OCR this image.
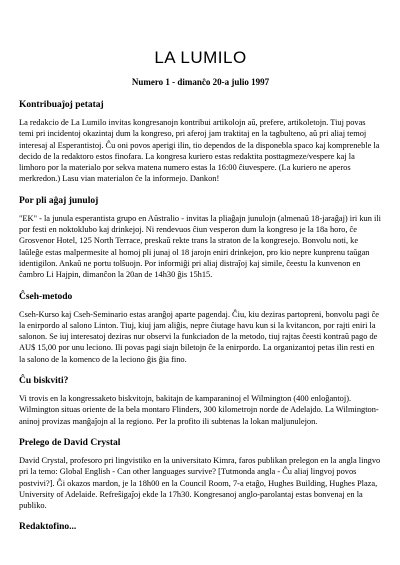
LA LUMILO
Numero 1 - dimanĉo 20-a julio 1997
Kontribuaĵoj petataj

La redakcio de La Lumilo invitas kongresanojn kontribui artikolojn aŭ, prefere, artikoletojn. Tiuj povas temi pri incidentoj okazintaj dum la kongreso, pri aferoj jam traktitaj en la tagbulteno, aŭ pri aliaj temoj interesaj al Esperantistoj. Ĉu oni povos aperigi ilin, tio dependos de la disponebla spaco kaj kompreneble la decido de la redaktoro estos finofara. La kongresa kuriero estas redaktita posttagmeze/vespere kaj la limhoro por la materialo por sekva matena numero estas la 16:00 ĉiuvespere. (La kuriero ne aperos merkredon.) Lasu vian materialon ĉe la informejo. Dankon!

Por pli aĝaj junuloj

"EK" - la junula esperantista grupo en Aŭstralio - invitas la pliaĝajn junulojn (almenaŭ 18-jaraĝaj) iri kun ili por festi en noktoklubo kaj drinkejoj. Ni rendevuos ĉiun vesperon dum la kongreso je la 18a horo, ĉe Grosvenor Hotel, 125 North Terrace, preskaŭ rekte trans la straton de la kongresejo. Bonvolu noti, ke laŭleĝe estas malpermesite al homoj pli junaj ol 18 jarojn eniri drinkejon, pro kio nepre kunprenu taŭgan identigilon. Ankaŭ ne portu tolŝuojn. Por informiĝi pri aliaj distraĵoj kaj simile, ĉeestu la kunvenon en ĉambro Li Hajpin, dimanĉon la 20an de 14h30 ĝis 15h15.

Ĉseh-metodo

Cseh-Kurso kaj Cseh-Seminario estas aranĝoj aparte pagendaj. Ĉiu, kiu deziras partopreni, bonvolu pagi ĉe la enirpordo al salono Linton. Tiuj, kiuj jam aliĝis, nepre ĉiutage havu kun si la kvitancon, por rajti eniri la salonon. Se iuj interesatoj deziras nur observi la funkciadon de la metodo, tiuj rajtas ĉeesti kontraŭ pago de AU$ 15,00 por unu leciono. Ili povas pagi siajn biletojn ĉe la enirpordo. La organizantoj petas ilin resti en la salono de la komenco de la leciono ĝis ĝia fino.

Ĉu biskviti?

Vi trovis en la kongressaketo biskvitojn, bakitajn de kamparaninoj el Wilmington (400 enloĝantoj). Wilmington situas oriente de la bela montaro Flinders, 300 kilometrojn norde de Adelajdo. La Wilmington-aninoj provizas manĝaĵojn al la regiono. Per la profito ili subtenas la lokan maljunulejon.

Prelego de David Crystal

David Crystal, profesoro pri lingvistiko en la universitato Kimra, faros publikan prelegon en la angla lingvo pri la temo: Global English - Can other languages survive? [Tutmonda angla - Ĉu aliaj lingvoj povos postvivi?]. Ĝi okazos mardon, je la 18h00 en la Council Room, 7-a etaĝo, Hughes Building, Hughes Plaza, University of Adelaide. Refreŝigaĵoj ekde la 17h30. Kongresanoj anglo-parolantaj estas bonvenaj en la publiko.

Redaktofino...
